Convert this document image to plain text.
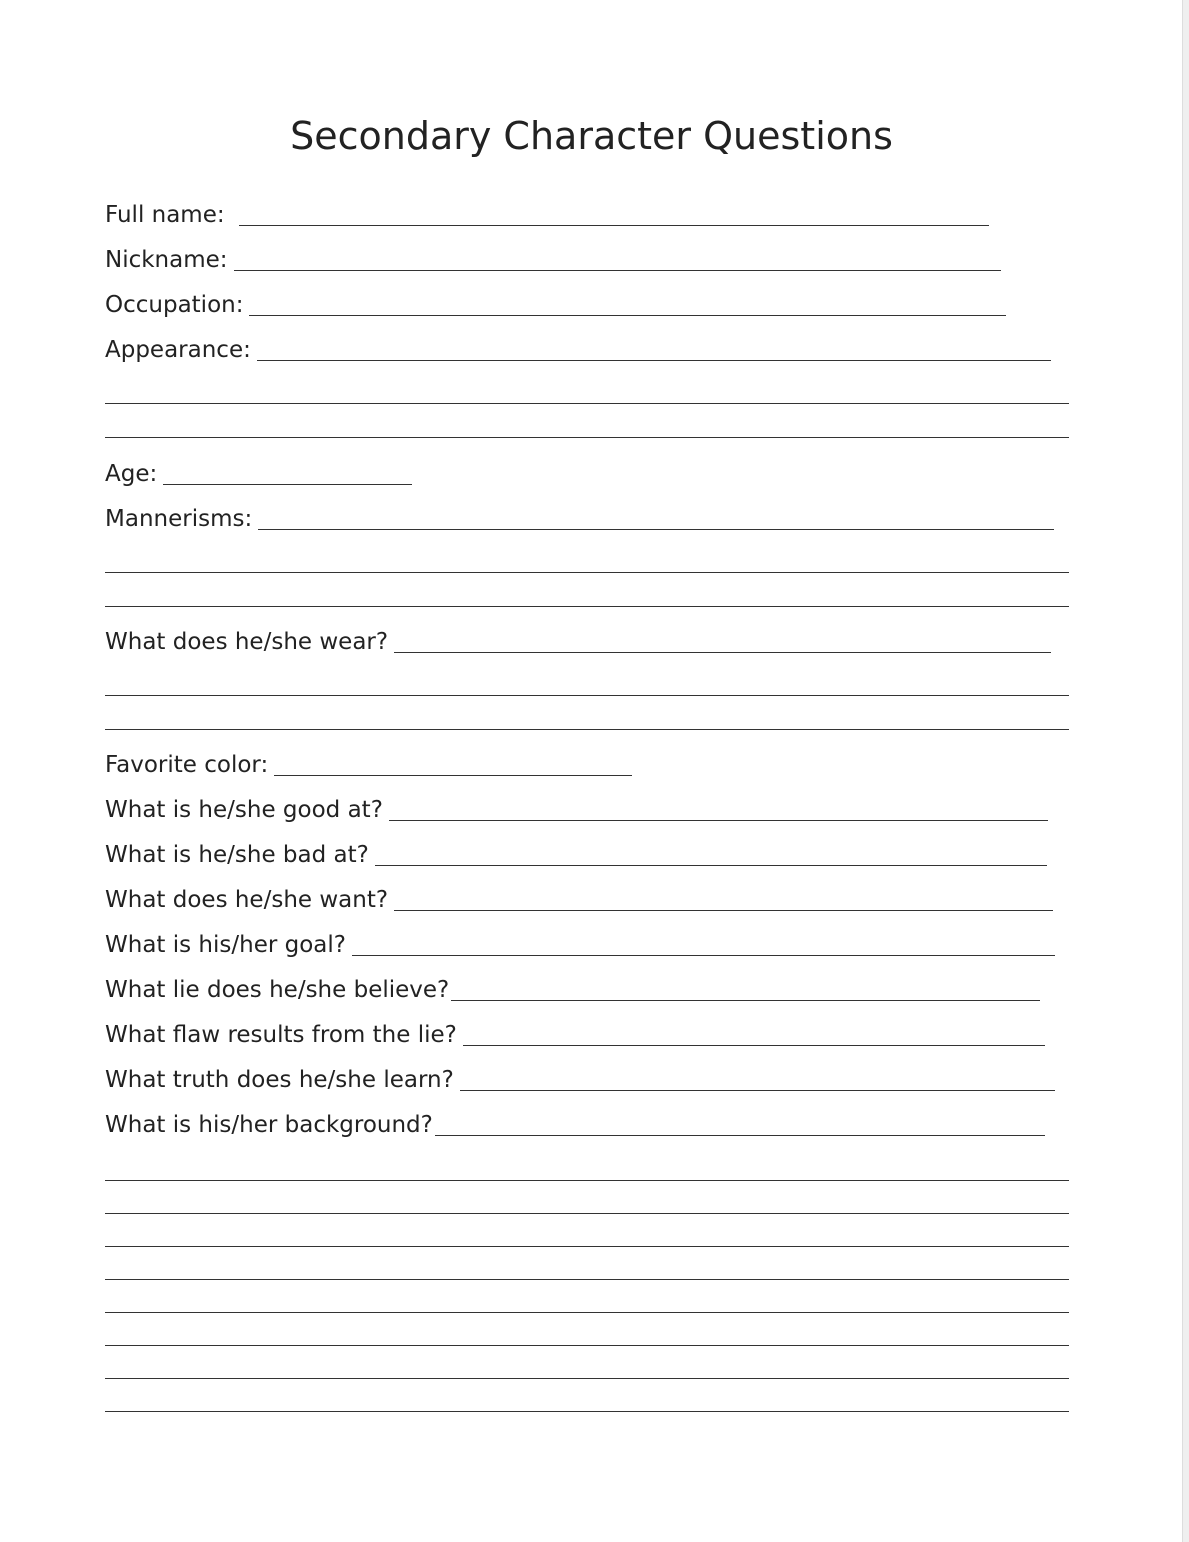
Secondary Character Questions
Full name:
Nickname:
Occupation:
Appearance:
Age:
Mannerisms:
What does he/she wear?
Favorite color:
What is he/she good at?
What is he/she bad at?
What does he/she want?
What is his/her goal?
What lie does he/she believe?
What flaw results from the lie?
What truth does he/she learn?
What is his/her background?
